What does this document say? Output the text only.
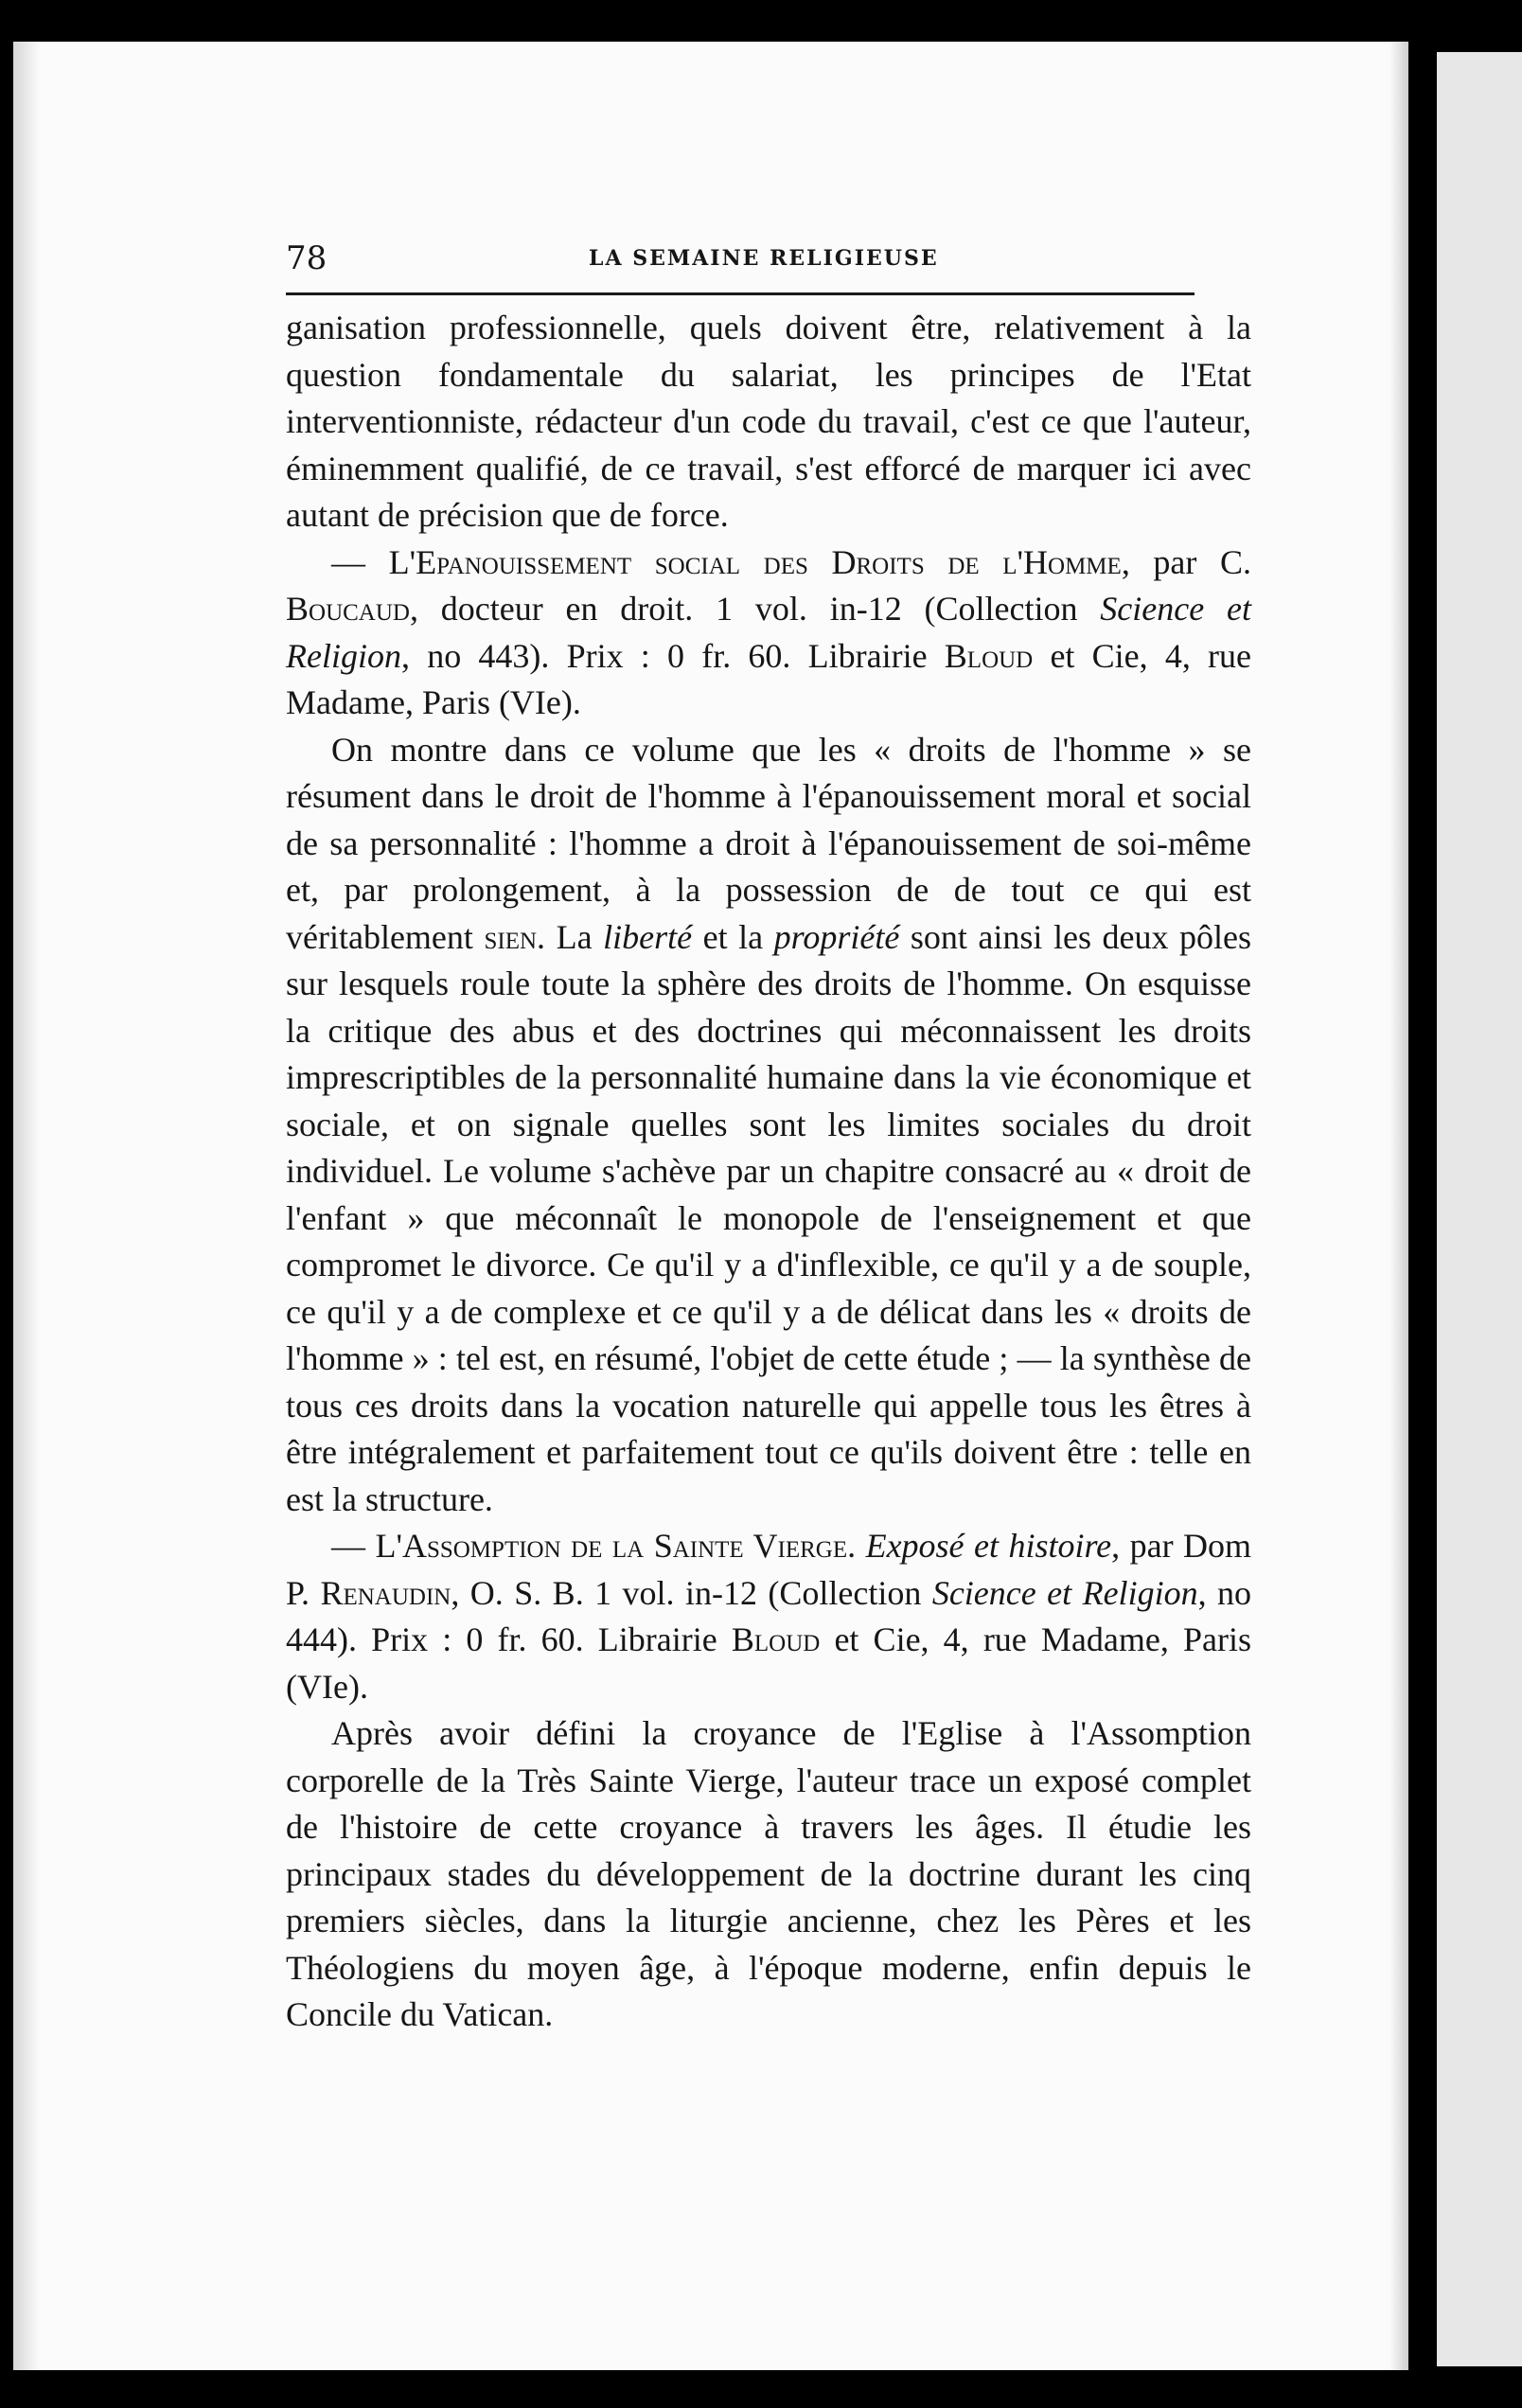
78	LA SEMAINE RELIGIEUSE

ganisation professionnelle, quels doivent être, relativement à la question fondamentale du salariat, les principes de l'Etat interventionniste, rédacteur d'un code du travail, c'est ce que l'auteur, éminemment qualifié, de ce travail, s'est efforcé de marquer ici avec autant de précision que de force.

— L'Epanouissement social des Droits de l'Homme, par C. Boucaud, docteur en droit. 1 vol. in-12 (Collection Science et Religion, no 443). Prix : 0 fr. 60. Librairie Bloud et Cie, 4, rue Madame, Paris (VIe).

On montre dans ce volume que les « droits de l'homme » se résument dans le droit de l'homme à l'épanouissement moral et social de sa personnalité : l'homme a droit à l'épanouissement de soi-même et, par prolongement, à la possession de de tout ce qui est véritablement sien. La liberté et la propriété sont ainsi les deux pôles sur lesquels roule toute la sphère des droits de l'homme. On esquisse la critique des abus et des doctrines qui méconnaissent les droits imprescriptibles de la personnalité humaine dans la vie économique et sociale, et on signale quelles sont les limites sociales du droit individuel. Le volume s'achève par un chapitre consacré au « droit de l'enfant » que méconnaît le monopole de l'enseignement et que compromet le divorce. Ce qu'il y a d'inflexible, ce qu'il y a de souple, ce qu'il y a de complexe et ce qu'il y a de délicat dans les « droits de l'homme » : tel est, en résumé, l'objet de cette étude ; — la synthèse de tous ces droits dans la vocation naturelle qui appelle tous les êtres à être intégralement et parfaitement tout ce qu'ils doivent être : telle en est la structure.

— L'Assomption de la Sainte Vierge. Exposé et histoire, par Dom P. Renaudin, O. S. B. 1 vol. in-12 (Collection Science et Religion, no 444). Prix : 0 fr. 60. Librairie Bloud et Cie, 4, rue Madame, Paris (VIe).

Après avoir défini la croyance de l'Eglise à l'Assomption corporelle de la Très Sainte Vierge, l'auteur trace un exposé complet de l'histoire de cette croyance à travers les âges. Il étudie les principaux stades du développement de la doctrine durant les cinq premiers siècles, dans la liturgie ancienne, chez les Pères et les Théologiens du moyen âge, à l'époque moderne, enfin depuis le Concile du Vatican.
